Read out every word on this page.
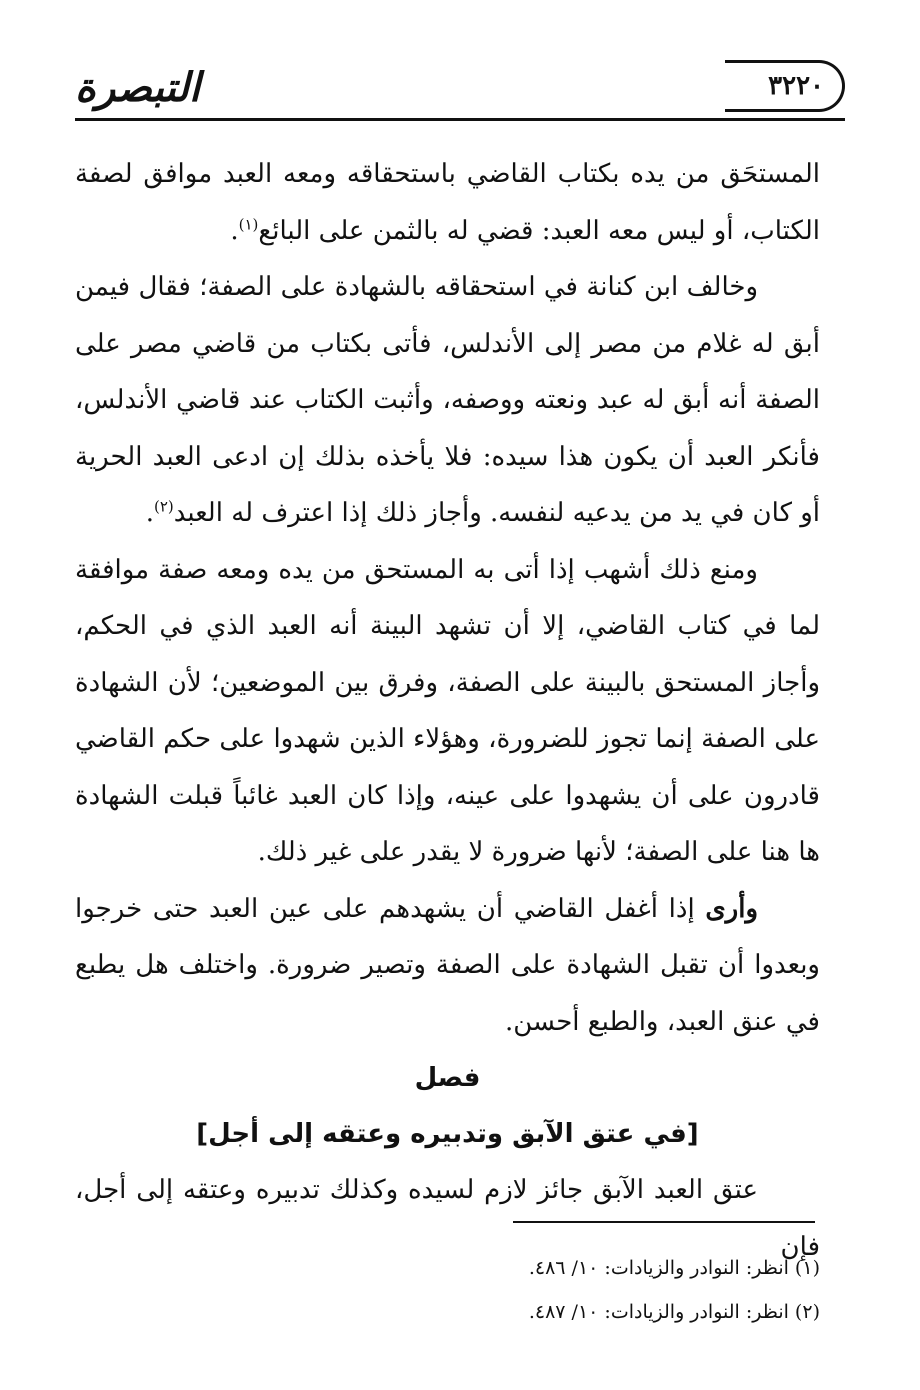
التبصرة	٣٢٢٠

المستحَق من يده بكتاب القاضي باستحقاقه ومعه العبد موافق لصفة الكتاب، أو ليس معه العبد: قضي له بالثمن على البائع$^{(١)}$.

وخالف ابن كنانة في استحقاقه بالشهادة على الصفة؛ فقال فيمن أبق له غلام من مصر إلى الأندلس، فأتى بكتاب من قاضي مصر على الصفة أنه أبق له عبد ونعته ووصفه، وأثبت الكتاب عند قاضي الأندلس، فأنكر العبد أن يكون هذا سيده: فلا يأخذه بذلك إن ادعى العبد الحرية أو كان في يد من يدعيه لنفسه. وأجاز ذلك إذا اعترف له العبد$^{(٢)}$.

ومنع ذلك أشهب إذا أتى به المستحق من يده ومعه صفة موافقة لما في كتاب القاضي، إلا أن تشهد البينة أنه العبد الذي في الحكم، وأجاز المستحق بالبينة على الصفة، وفرق بين الموضعين؛ لأن الشهادة على الصفة إنما تجوز للضرورة، وهؤلاء الذين شهدوا على حكم القاضي قادرون على أن يشهدوا على عينه، وإذا كان العبد غائباً قبلت الشهادة ها هنا على الصفة؛ لأنها ضرورة لا يقدر على غير ذلك.

وأرى إذا أغفل القاضي أن يشهدهم على عين العبد حتى خرجوا وبعدوا أن تقبل الشهادة على الصفة وتصير ضرورة. واختلف هل يطبع في عنق العبد، والطبع أحسن.

فصل

[في عتق الآبق وتدبيره وعتقه إلى أجل]

عتق العبد الآبق جائز لازم لسيده وكذلك تدبيره وعتقه إلى أجل، فإن

(١) انظر: النوادر والزيادات: ١٠/ ٤٨٦.

(٢) انظر: النوادر والزيادات: ١٠/ ٤٨٧.
